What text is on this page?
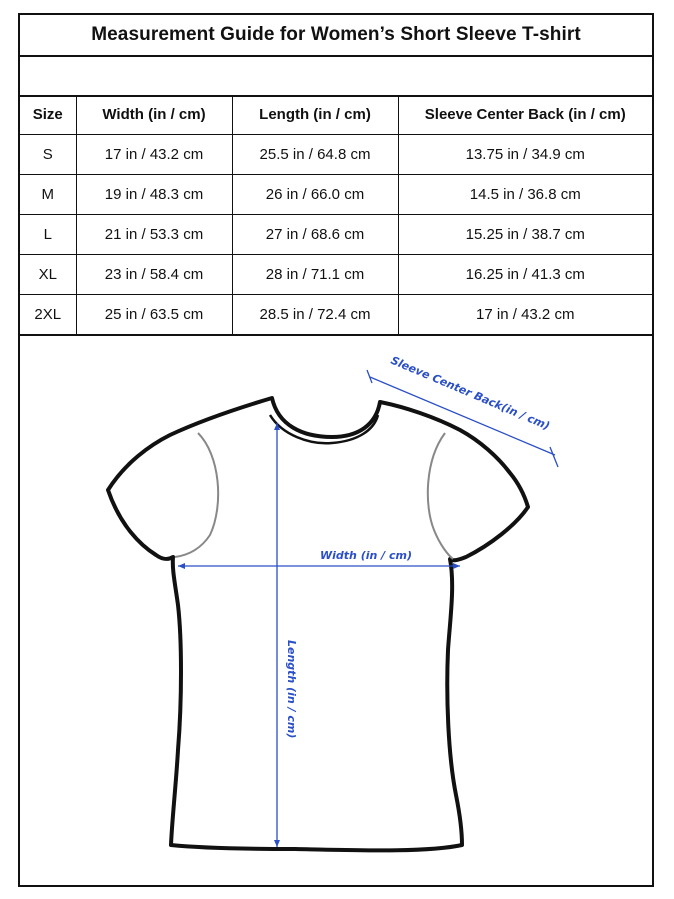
Measurement Guide for Women’s Short Sleeve T-shirt
Size	Width (in / cm)	Length (in / cm)	Sleeve Center Back (in / cm)
S	17 in / 43.2 cm	25.5 in / 64.8 cm	13.75 in / 34.9 cm
M	19 in / 48.3 cm	26 in / 66.0 cm	14.5 in / 36.8 cm
L	21 in / 53.3 cm	27 in / 68.6 cm	15.25 in / 38.7 cm
XL	23 in / 58.4 cm	28 in / 71.1 cm	16.25 in / 41.3 cm
2XL	25 in / 63.5 cm	28.5 in / 72.4 cm	17 in / 43.2 cm
Width (in / cm)
Length (in / cm)
Sleeve Center Back(in / cm)
